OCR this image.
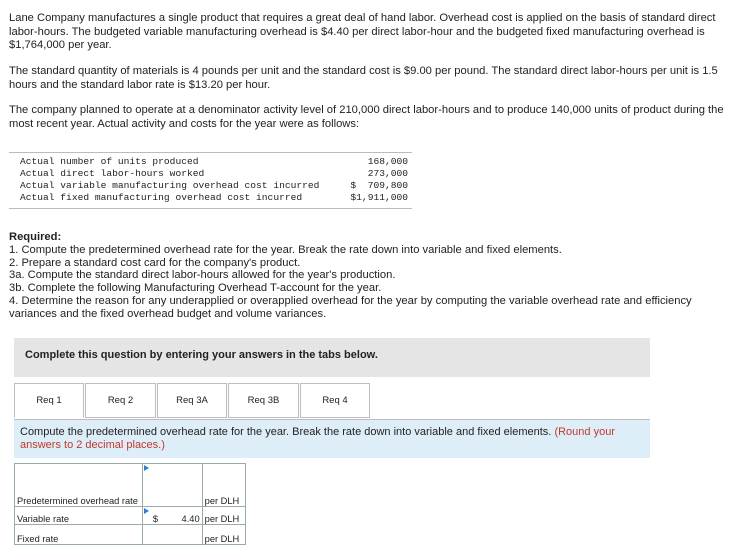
Lane Company manufactures a single product that requires a great deal of hand labor. Overhead cost is applied on the basis of standard direct labor-hours. The budgeted variable manufacturing overhead is $4.40 per direct labor-hour and the budgeted fixed manufacturing overhead is $1,764,000 per year.

The standard quantity of materials is 4 pounds per unit and the standard cost is $9.00 per pound. The standard direct labor-hours per unit is 1.5 hours and the standard labor rate is $13.20 per hour.

The company planned to operate at a denominator activity level of 210,000 direct labor-hours and to produce 140,000 units of product during the most recent year. Actual activity and costs for the year were as follows:

Actual number of units produced	168,000
Actual direct labor-hours worked	273,000
Actual variable manufacturing overhead cost incurred	$  709,800
Actual fixed manufacturing overhead cost incurred	$1,911,000
Required:
1. Compute the predetermined overhead rate for the year. Break the rate down into variable and fixed elements.
2. Prepare a standard cost card for the company's product.
3a. Compute the standard direct labor-hours allowed for the year's production.
3b. Complete the following Manufacturing Overhead T-account for the year.
4. Determine the reason for any underapplied or overapplied overhead for the year by computing the variable overhead rate and efficiency variances and the fixed overhead budget and volume variances.
Complete this question by entering your answers in the tabs below.
Req 1	Req 2	Req 3A	Req 3B	Req 4
Compute the predetermined overhead rate for the year. Break the rate down into variable and fixed elements. (Round your answers to 2 decimal places.)
Predetermined overhead rate		per DLH
Variable rate	$ 4.40	per DLH
Fixed rate		per DLH
